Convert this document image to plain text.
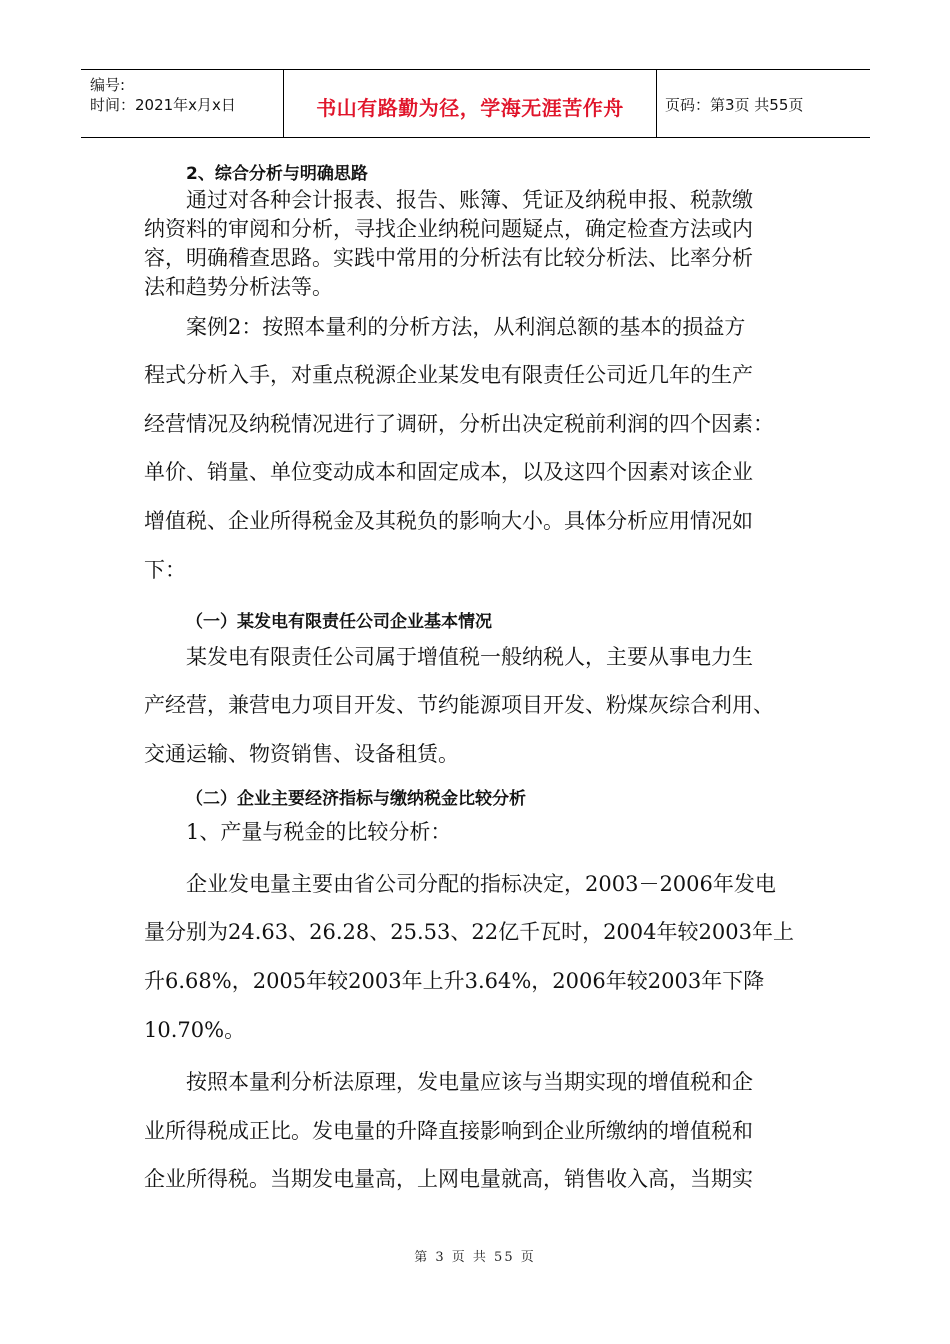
编号:
时间：2021年x月x日	书山有路勤为径，学海无涯苦作舟	页码：第3页 共55页
2、综合分析与明确思路
通过对各种会计报表、报告、账簿、凭证及纳税申报、税款缴
纳资料的审阅和分析，寻找企业纳税问题疑点，确定检查方法或内
容，明确稽查思路。实践中常用的分析法有比较分析法、比率分析
法和趋势分析法等。
案例2：按照本量利的分析方法，从利润总额的基本的损益方
程式分析入手，对重点税源企业某发电有限责任公司近几年的生产
经营情况及纳税情况进行了调研，分析出决定税前利润的四个因素：
单价、销量、单位变动成本和固定成本，以及这四个因素对该企业
增值税、企业所得税金及其税负的影响大小。具体分析应用情况如
下：
（一）某发电有限责任公司企业基本情况
某发电有限责任公司属于增值税一般纳税人，主要从事电力生
产经营，兼营电力项目开发、节约能源项目开发、粉煤灰综合利用、
交通运输、物资销售、设备租赁。
（二）企业主要经济指标与缴纳税金比较分析
1、产量与税金的比较分析：
企业发电量主要由省公司分配的指标决定，2003－2006年发电
量分别为24.63、26.28、25.53、22亿千瓦时，2004年较2003年上
升6.68%，2005年较2003年上升3.64%，2006年较2003年下降
10.70%。
按照本量利分析法原理，发电量应该与当期实现的增值税和企
业所得税成正比。发电量的升降直接影响到企业所缴纳的增值税和
企业所得税。当期发电量高，上网电量就高，销售收入高，当期实
第 3 页 共 55 页
